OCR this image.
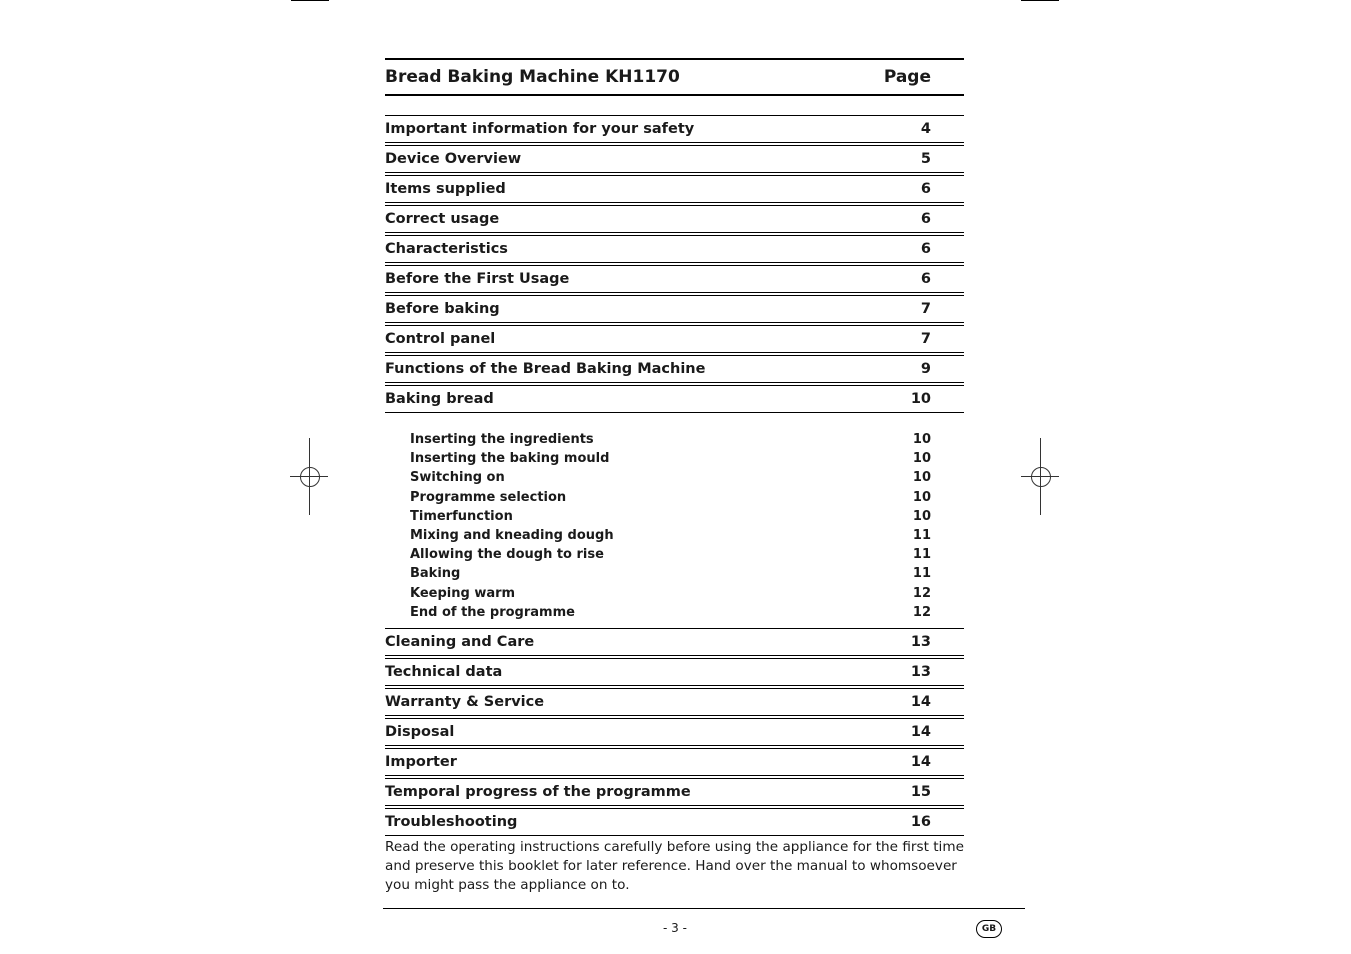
Bread Baking Machine KH1170	Page
Important information for your safety	4
Device Overview	5
Items supplied	6
Correct usage	6
Characteristics	6
Before the First Usage	6
Before baking	7
Control panel	7
Functions of the Bread Baking Machine	9
Baking bread	10
Inserting the ingredients	10
Inserting the baking mould	10
Switching on	10
Programme selection	10
Timerfunction	10
Mixing and kneading dough	11
Allowing the dough to rise	11
Baking	11
Keeping warm	12
End of the programme	12
Cleaning and Care	13
Technical data	13
Warranty & Service	14
Disposal	14
Importer	14
Temporal progress of the programme	15
Troubleshooting	16
Read the operating instructions carefully before using the appliance for the first time and preserve this booklet for later reference. Hand over the manual to whomsoever you might pass the appliance on to.
- 3 -	GB
